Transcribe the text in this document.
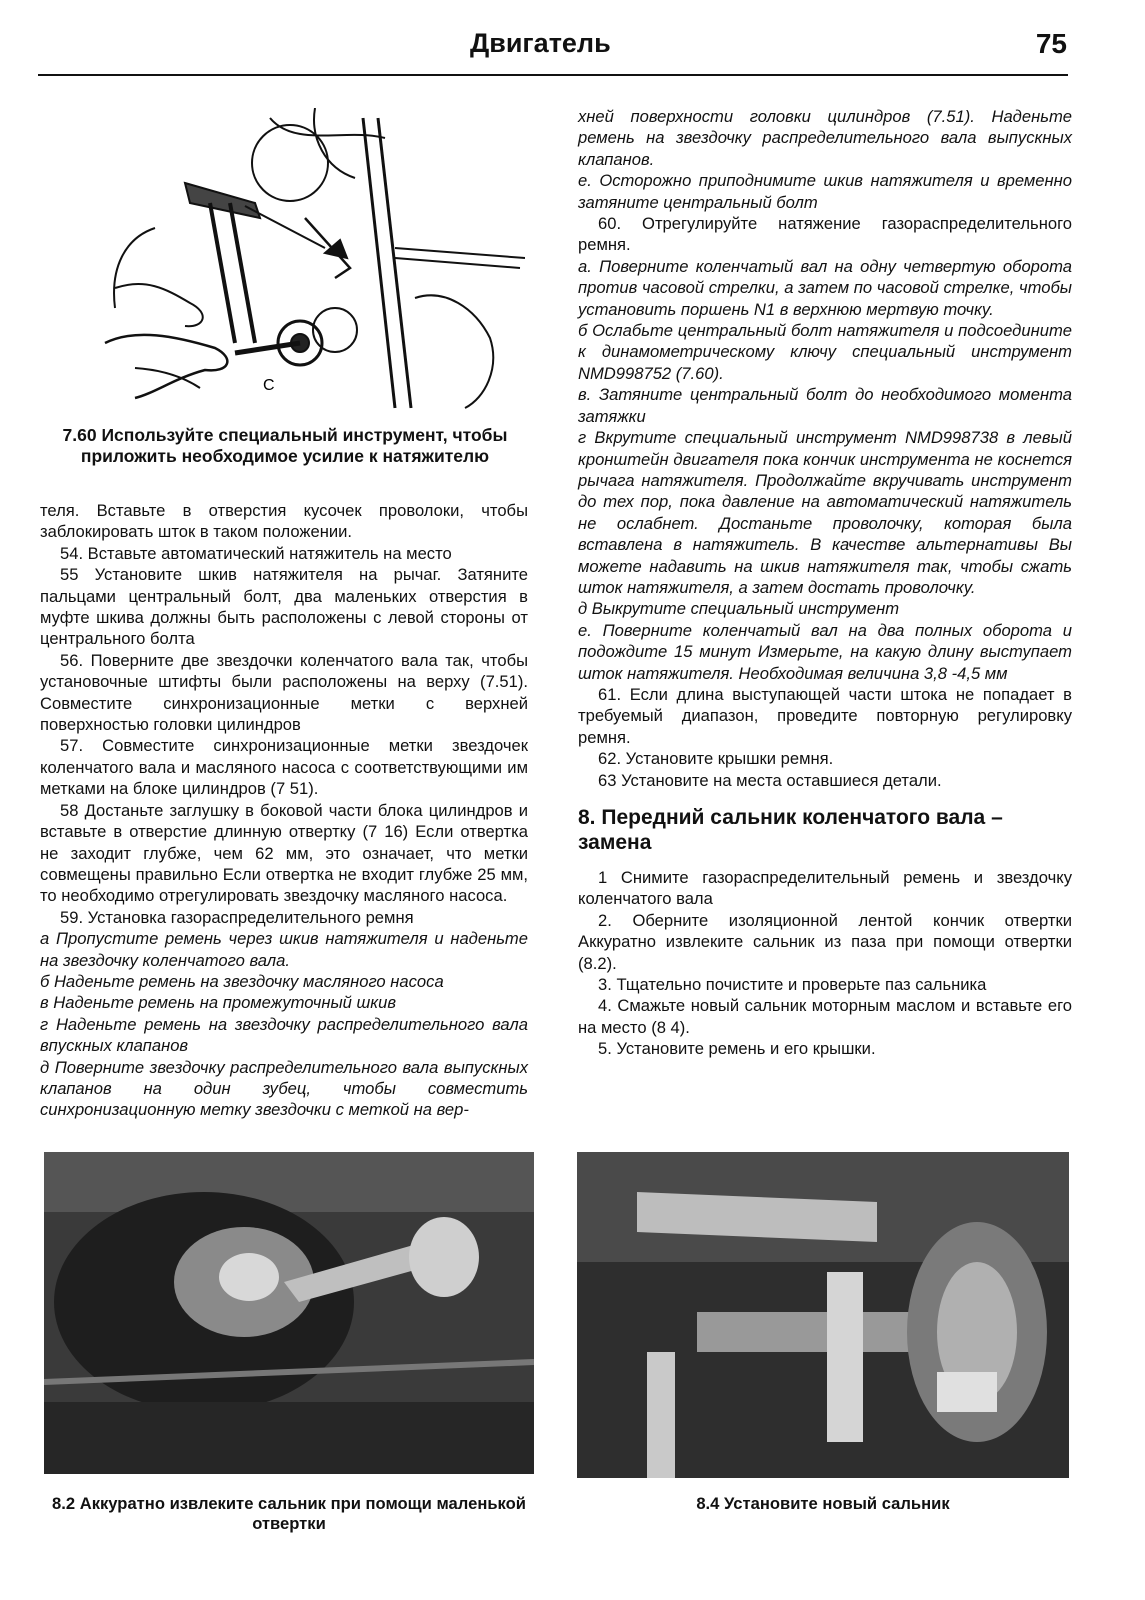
Двигатель	75
C
7.60 Используйте специальный инструмент, чтобы приложить необходимое усилие к натяжителю

теля. Вставьте в отверстия кусочек проволоки, чтобы заблокировать шток в таком положении.

54. Вставьте автоматический натяжитель на место

55 Установите шкив натяжителя на рычаг. Затяните пальцами центральный болт, два маленьких отверстия в муфте шкива должны быть расположены с левой стороны от центрального болта

56. Поверните две звездочки коленчатого вала так, чтобы установочные штифты были расположены на верху (7.51). Совместите синхронизационные метки с верхней поверхностью головки цилиндров

57. Совместите синхронизационные метки звездочек коленчатого вала и масляного насоса с соответствующими им метками на блоке цилиндров (7 51).

58 Достаньте заглушку в боковой части блока цилиндров и вставьте в отверстие длинную отвертку (7 16) Если отвертка не заходит глубже, чем 62 мм, это означает, что метки совмещены правильно Если отвертка не входит глубже 25 мм, то необходимо отрегулировать звездочку масляного насоса.

59. Установка газораспределительного ремня

а Пропустите ремень через шкив натяжителя и наденьте на звездочку коленчатого вала.

б Наденьте ремень на звездочку масляного насоса

в Наденьте ремень на промежуточный шкив

г Наденьте ремень на звездочку распределительного вала впускных клапанов

д Поверните звездочку распределительного вала выпускных клапанов на один зубец, чтобы совместить синхронизационную метку звездочки с меткой на вер-

хней поверхности головки цилиндров (7.51). Наденьте ремень на звездочку распределительного вала выпускных клапанов.

е. Осторожно приподнимите шкив натяжителя и временно затяните центральный болт

60. Отрегулируйте натяжение газораспределительного ремня.

а. Поверните коленчатый вал на одну четвертую оборота против часовой стрелки, а затем по часовой стрелке, чтобы установить поршень N1 в верхнюю мертвую точку.

б Ослабьте центральный болт натяжителя и подсоедините к динамометрическому ключу специальный инструмент NMD998752 (7.60).

в. Затяните центральный болт до необходимого момента затяжки

г Вкрутите специальный инструмент NMD998738 в левый кронштейн двигателя пока кончик инструмента не коснется рычага натяжителя. Продолжайте вкручивать инструмент до тех пор, пока давление на автоматический натяжитель не ослабнет. Достаньте проволочку, которая была вставлена в натяжитель. В качестве альтернативы Вы можете надавить на шкив натяжителя так, чтобы сжать шток натяжителя, а затем достать проволочку.

д Выкрутите специальный инструмент

е. Поверните коленчатый вал на два полных оборота и подождите 15 минут Измерьте, на какую длину выступает шток натяжителя. Необходимая величина 3,8 -4,5 мм

61. Если длина выступающей части штока не попадает в требуемый диапазон, проведите повторную регулировку ремня.

62. Установите крышки ремня.

63 Установите на места оставшиеся детали.

8. Передний сальник коленчатого вала – замена

1 Снимите газораспределительный ремень и звездочку коленчатого вала

2. Оберните изоляционной лентой кончик отвертки Аккуратно извлеките сальник из паза при помощи отвертки (8.2).

3. Тщательно почистите и проверьте паз сальника

4. Смажьте новый сальник моторным маслом и вставьте его на место (8 4).

5. Установите ремень и его крышки.

8.2 Аккуратно извлеките сальник при помощи маленькой отвертки
8.4 Установите новый сальник
